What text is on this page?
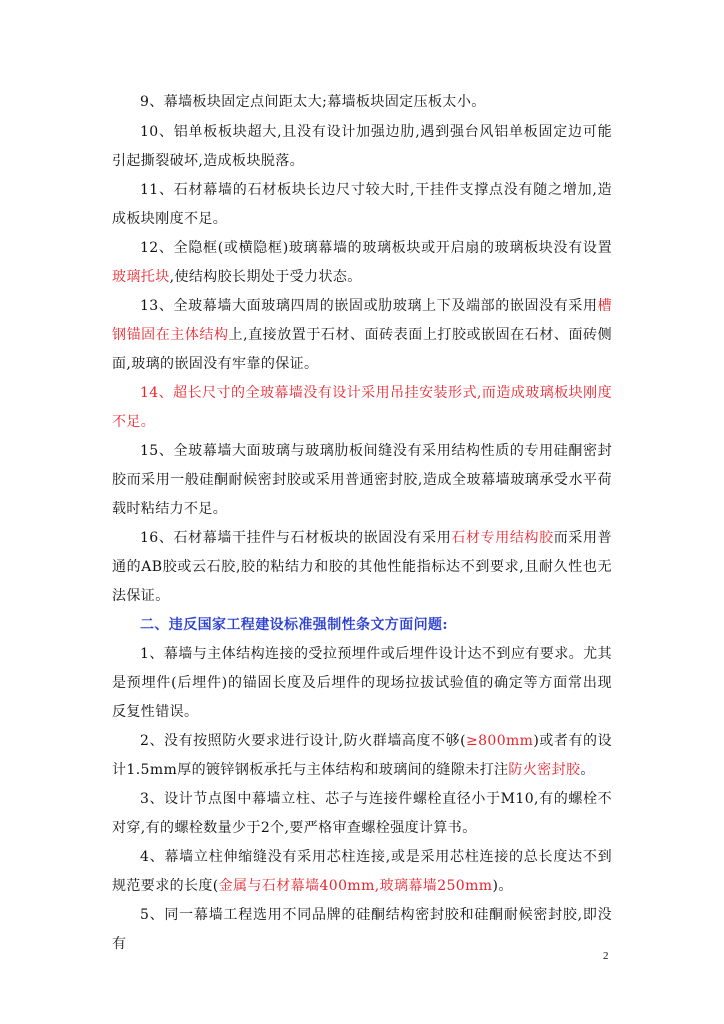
9、幕墙板块固定点间距太大;幕墙板块固定压板太小。

10、铝单板板块超大,且没有设计加强边肋,遇到强台风铝单板固定边可能引起撕裂破坏,造成板块脱落。

11、石材幕墙的石材板块长边尺寸较大时,干挂件支撑点没有随之增加,造成板块刚度不足。

12、全隐框(或横隐框)玻璃幕墙的玻璃板块或开启扇的玻璃板块没有设置玻璃托块,使结构胶长期处于受力状态。

13、全玻幕墙大面玻璃四周的嵌固或肋玻璃上下及端部的嵌固没有采用槽钢锚固在主体结构上,直接放置于石材、面砖表面上打胶或嵌固在石材、面砖侧面,玻璃的嵌固没有牢靠的保证。

14、超长尺寸的全玻幕墙没有设计采用吊挂安装形式,而造成玻璃板块刚度不足。

15、全玻幕墙大面玻璃与玻璃肋板间缝没有采用结构性质的专用硅酮密封胶而采用一般硅酮耐候密封胶或采用普通密封胶,造成全玻幕墙玻璃承受水平荷载时粘结力不足。

16、石材幕墙干挂件与石材板块的嵌固没有采用石材专用结构胶而采用普通的AB胶或云石胶,胶的粘结力和胶的其他性能指标达不到要求,且耐久性也无法保证。

二、违反国家工程建设标准强制性条文方面问题:

1、幕墙与主体结构连接的受拉预埋件或后埋件设计达不到应有要求。尤其是预埋件(后埋件)的锚固长度及后埋件的现场拉拔试验值的确定等方面常出现反复性错误。

2、没有按照防火要求进行设计,防火群墙高度不够(≥800mm)或者有的设计1.5mm厚的镀锌钢板承托与主体结构和玻璃间的缝隙未打注防火密封胶。

3、设计节点图中幕墙立柱、芯子与连接件螺栓直径小于M10,有的螺栓不对穿,有的螺栓数量少于2个,要严格审查螺栓强度计算书。

4、幕墙立柱伸缩缝没有采用芯柱连接,或是采用芯柱连接的总长度达不到规范要求的长度(金属与石材幕墙400mm,玻璃幕墙250mm)。

5、同一幕墙工程选用不同品牌的硅酮结构密封胶和硅酮耐候密封胶,即没有

2
